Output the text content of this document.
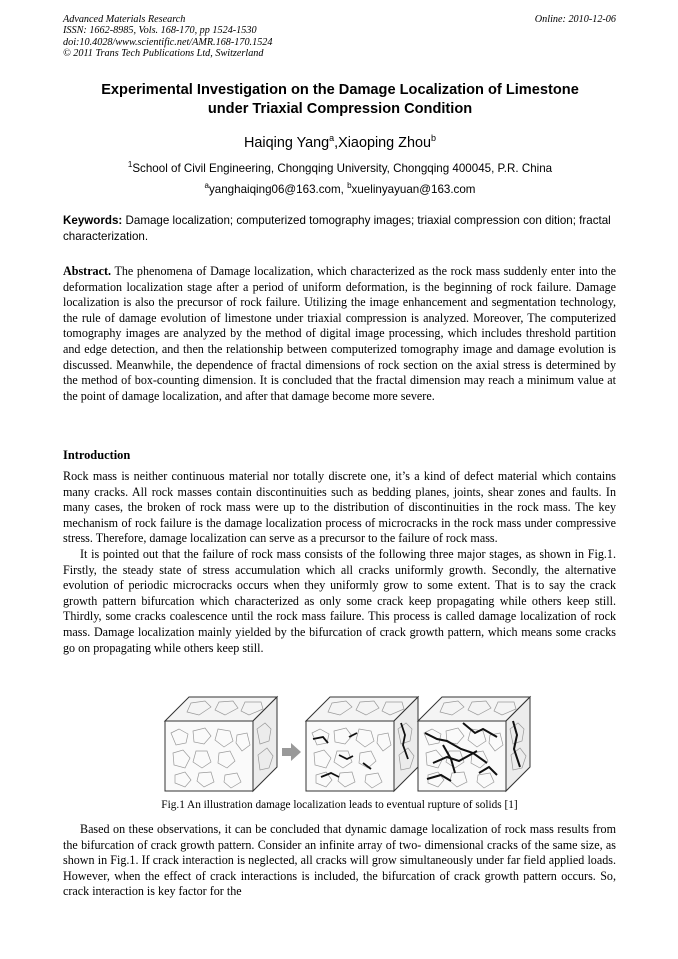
Advanced Materials Research
ISSN: 1662-8985, Vols. 168-170, pp 1524-1530
doi:10.4028/www.scientific.net/AMR.168-170.1524
© 2011 Trans Tech Publications Ltd, Switzerland
Online: 2010-12-06
Experimental Investigation on the Damage Localization of Limestone
under Triaxial Compression Condition
Haiqing Yang$^a$,Xiaoping Zhou$^b$
$^1$School of Civil Engineering, Chongqing University, Chongqing 400045, P.R. China
$^a$yanghaiqing06@163.com, $^b$xuelinyayuan@163.com
Keywords: Damage localization; computerized tomography images; triaxial compression con dition; fractal characterization.
Abstract. The phenomena of Damage localization, which characterized as the rock mass suddenly enter into the deformation localization stage after a period of uniform deformation, is the beginning of rock failure. Damage localization is also the precursor of rock failure. Utilizing the image enhancement and segmentation technology, the rule of damage evolution of limestone under triaxial compression is analyzed. Moreover, The computerized tomography images are analyzed by the method of digital image processing, which includes threshold partition and edge detection, and then the relationship between computerized tomography image and damage evolution is discussed. Meanwhile, the dependence of fractal dimensions of rock section on the axial stress is determined by the method of box-counting dimension. It is concluded that the fractal dimension may reach a minimum value at the point of damage localization, and after that damage become more severe.
Introduction

Rock mass is neither continuous material nor totally discrete one, it’s a kind of defect material which contains many cracks. All rock masses contain discontinuities such as bedding planes, joints, shear zones and faults. In many cases, the broken of rock mass were up to the distribution of discontinuities in the rock mass. The key mechanism of rock failure is the damage localization process of microcracks in the rock mass under compressive stress. Therefore, damage localization can serve as a precursor to the failure of rock mass.

It is pointed out that the failure of rock mass consists of the following three major stages, as shown in Fig.1. Firstly, the steady state of stress accumulation which all cracks uniformly growth. Secondly, the alternative evolution of periodic microcracks occurs when they uniformly grow to some extent. That is to say the crack growth pattern bifurcation which characterized as only some crack keep propagating while others keep still. Thirdly, some cracks coalescence until the rock mass failure. This process is called damage localization of rock mass. Damage localization mainly yielded by the bifurcation of crack growth pattern, which means some cracks go on propagating while others keep still.

Fig.1 An illustration damage localization leads to eventual rupture of solids [1]

Based on these observations, it can be concluded that dynamic damage localization of rock mass results from the bifurcation of crack growth pattern. Consider an infinite array of two- dimensional cracks of the same size, as shown in Fig.1. If crack interaction is neglected, all cracks will grow simultaneously under far field applied loads. However, when the effect of crack interactions is included, the bifurcation of crack growth pattern occurs. So, crack interaction is key factor for the
